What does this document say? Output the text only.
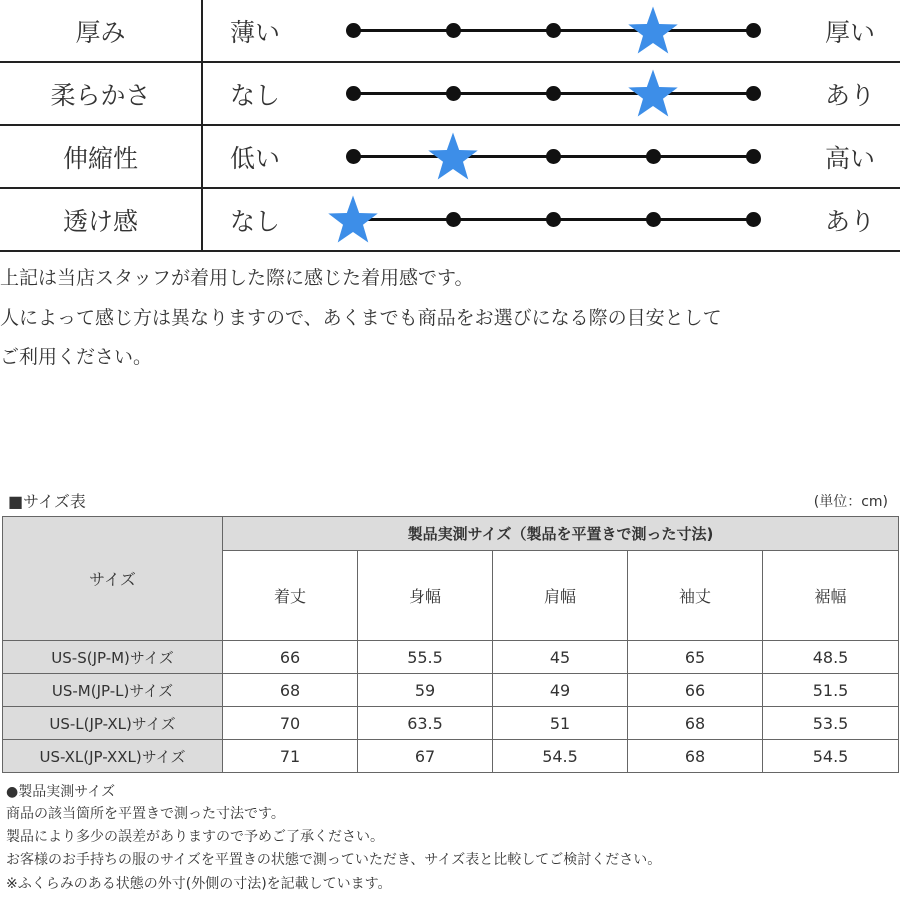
厚み	薄い	厚い
柔らかさ	なし	あり
伸縮性	低い	高い
透け感	なし	あり
上記は当店スタッフが着用した際に感じた着用感です。
人によって感じ方は異なりますので、あくまでも商品をお選びになる際の目安として
ご利用ください。
■サイズ表	(単位：cm)
サイズ	製品実測サイズ（製品を平置きで測った寸法)				
	着丈	身幅	肩幅	袖丈	裾幅
US-S(JP-M)サイズ	66	55.5	45	65	48.5
US-M(JP-L)サイズ	68	59	49	66	51.5
US-L(JP-XL)サイズ	70	63.5	51	68	53.5
US-XL(JP-XXL)サイズ	71	67	54.5	68	54.5
●製品実測サイズ
商品の該当箇所を平置きで測った寸法です。
製品により多少の誤差がありますので予めご了承ください。
お客様のお手持ちの服のサイズを平置きの状態で測っていただき、サイズ表と比較してご検討ください。
※ふくらみのある状態の外寸(外側の寸法)を記載しています。
